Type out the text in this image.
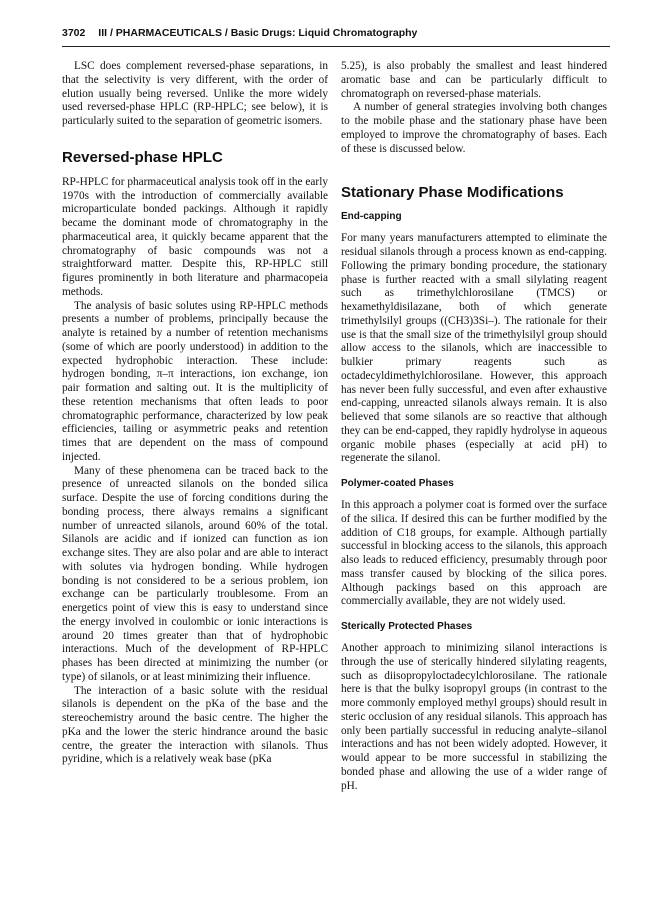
3702 III / PHARMACEUTICALS / Basic Drugs: Liquid Chromatography

LSC does complement reversed-phase separations, in that the selectivity is very different, with the order of elution usually being reversed. Unlike the more widely used reversed-phase HPLC (RP-HPLC; see below), it is particularly suited to the separation of geometric isomers.

Reversed-phase HPLC

RP-HPLC for pharmaceutical analysis took off in the early 1970s with the introduction of commercially available microparticulate bonded packings. Although it rapidly became the dominant mode of chromatography in the pharmaceutical area, it quickly became apparent that the chromatography of basic compounds was not a straightforward matter. Despite this, RP-HPLC still figures prominently in both literature and pharmacopeia methods.

The analysis of basic solutes using RP-HPLC methods presents a number of problems, principally because the analyte is retained by a number of retention mechanisms (some of which are poorly understood) in addition to the expected hydrophobic interaction. These include: hydrogen bonding, π–π interactions, ion exchange, ion pair formation and salting out. It is the multiplicity of these retention mechanisms that often leads to poor chromatographic performance, characterized by low peak efficiencies, tailing or asymmetric peaks and retention times that are dependent on the mass of compound injected.

Many of these phenomena can be traced back to the presence of unreacted silanols on the bonded silica surface. Despite the use of forcing conditions during the bonding process, there always remains a significant number of unreacted silanols, around 60% of the total. Silanols are acidic and if ionized can function as ion exchange sites. They are also polar and are able to interact with solutes via hydrogen bonding. While hydrogen bonding is not considered to be a serious problem, ion exchange can be particularly troublesome. From an energetics point of view this is easy to understand since the energy involved in coulombic or ionic interactions is around 20 times greater than that of hydrophobic interactions. Much of the development of RP-HPLC phases has been directed at minimizing the number (or type) of silanols, or at least minimizing their influence.

The interaction of a basic solute with the residual silanols is dependent on the pKa of the base and the stereochemistry around the basic centre. The higher the pKa and the lower the steric hindrance around the basic centre, the greater the interaction with silanols. Thus pyridine, which is a relatively weak base (pKa

5.25), is also probably the smallest and least hindered aromatic base and can be particularly difficult to chromatograph on reversed-phase materials.

A number of general strategies involving both changes to the mobile phase and the stationary phase have been employed to improve the chromatography of bases. Each of these is discussed below.

Stationary Phase Modifications
End-capping

For many years manufacturers attempted to eliminate the residual silanols through a process known as end-capping. Following the primary bonding procedure, the stationary phase is further reacted with a small silylating reagent such as trimethylchlorosilane (TMCS) or hexamethyldisilazane, both of which generate trimethylsilyl groups ((CH3)3Si–). The rationale for their use is that the small size of the trimethylsilyl group should allow access to the silanols, which are inaccessible to bulkier primary reagents such as octadecyldimethylchlorosilane. However, this approach has never been fully successful, and even after exhaustive end-capping, unreacted silanols always remain. It is also believed that some silanols are so reactive that although they can be end-capped, they rapidly hydrolyse in aqueous organic mobile phases (especially at acid pH) to regenerate the silanol.

Polymer-coated Phases

In this approach a polymer coat is formed over the surface of the silica. If desired this can be further modified by the addition of C18 groups, for example. Although partially successful in blocking access to the silanols, this approach also leads to reduced efficiency, presumably through poor mass transfer caused by blocking of the silica pores. Although packings based on this approach are commercially available, they are not widely used.

Sterically Protected Phases

Another approach to minimizing silanol interactions is through the use of sterically hindered silylating reagents, such as diisopropyloctadecylchlorosilane. The rationale here is that the bulky isopropyl groups (in contrast to the more commonly employed methyl groups) should result in steric occlusion of any residual silanols. This approach has only been partially successful in reducing analyte–silanol interactions and has not been widely adopted. However, it would appear to be more successful in stabilizing the bonded phase and allowing the use of a wider range of pH.
